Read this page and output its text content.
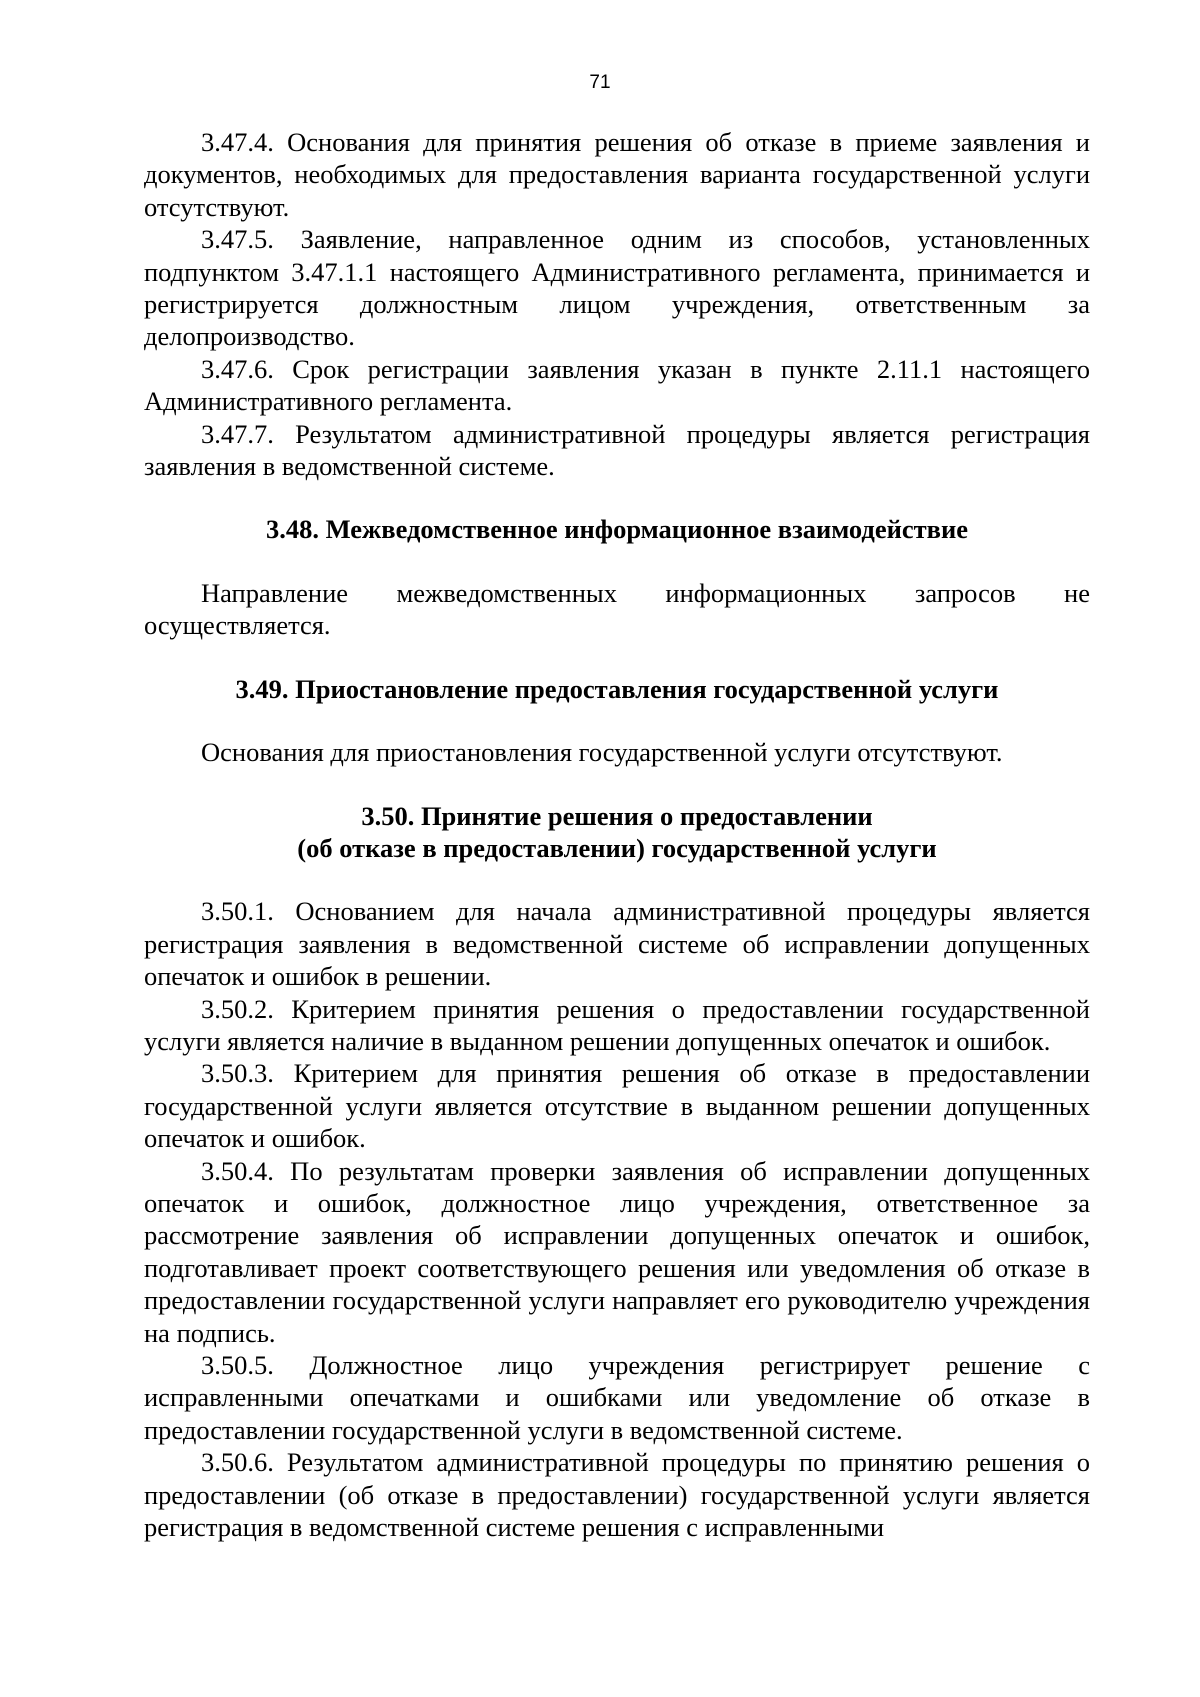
71

3.47.4. Основания для принятия решения об отказе в приеме заявления и документов, необходимых для предоставления варианта государственной услуги отсутствуют.

3.47.5. Заявление, направленное одним из способов, установленных подпунктом 3.47.1.1 настоящего Административного регламента, принимается и регистрируется должностным лицом учреждения, ответственным за делопроизводство.

3.47.6. Срок регистрации заявления указан в пункте 2.11.1 настоящего Административного регламента.

3.47.7. Результатом административной процедуры является регистрация заявления в ведомственной системе.

3.48. Межведомственное информационное взаимодействие

Направление межведомственных информационных запросов не осуществляется.

3.49. Приостановление предоставления государственной услуги

Основания для приостановления государственной услуги отсутствуют.

3.50. Принятие решения о предоставлении
(об отказе в предоставлении) государственной услуги

3.50.1. Основанием для начала административной процедуры является регистрация заявления в ведомственной системе об исправлении допущенных опечаток и ошибок в решении.

3.50.2. Критерием принятия решения о предоставлении государственной услуги является наличие в выданном решении допущенных опечаток и ошибок.

3.50.3. Критерием для принятия решения об отказе в предоставлении государственной услуги является отсутствие в выданном решении допущенных опечаток и ошибок.

3.50.4. По результатам проверки заявления об исправлении допущенных опечаток и ошибок, должностное лицо учреждения, ответственное за рассмотрение заявления об исправлении допущенных опечаток и ошибок, подготавливает проект соответствующего решения или уведомления об отказе в предоставлении государственной услуги направляет его руководителю учреждения на подпись.

3.50.5. Должностное лицо учреждения регистрирует решение с исправленными опечатками и ошибками или уведомление об отказе в предоставлении государственной услуги в ведомственной системе.

3.50.6. Результатом административной процедуры по принятию решения о предоставлении (об отказе в предоставлении) государственной услуги является регистрация в ведомственной системе решения с исправленными
